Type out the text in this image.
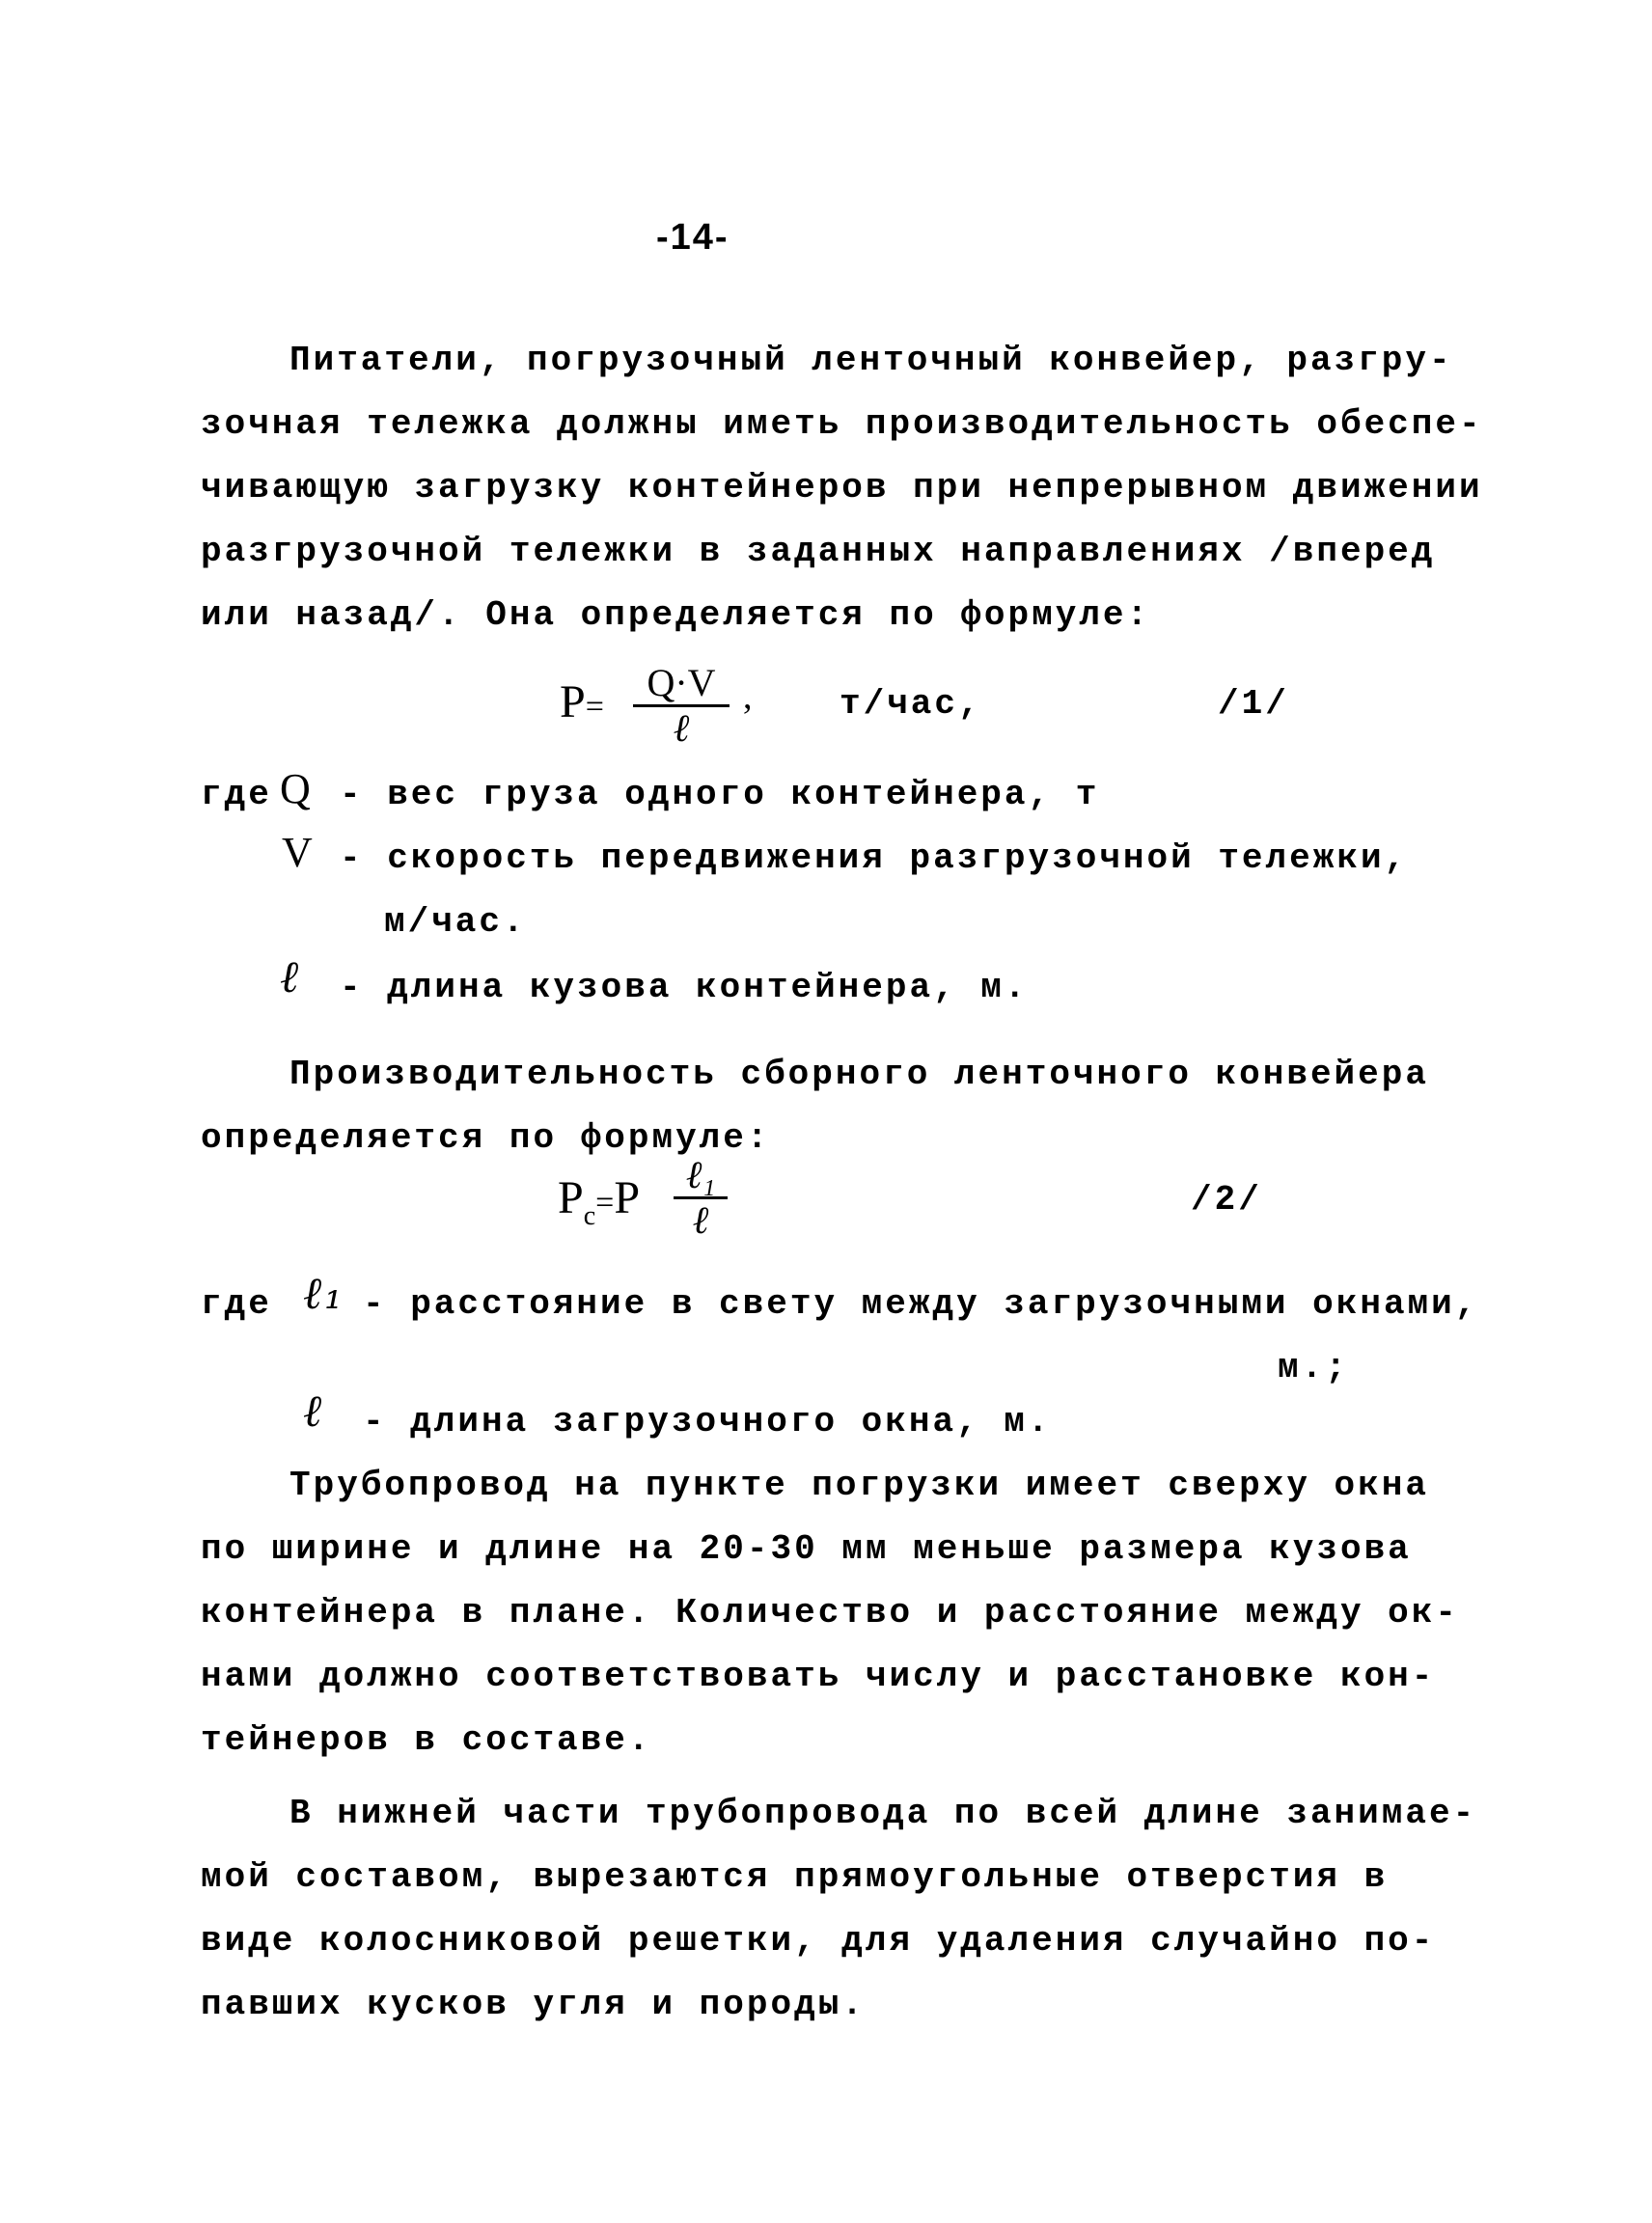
-14-
Питатели, погрузочный ленточный конвейер, разгру-
зочная тележка должны иметь производительность обеспе-
чивающую загрузку контейнеров при непрерывном движении
разгрузочной тележки в заданных направлениях /вперед
или назад/. Она определяется по формуле:
P=
Q·V
ℓ
,	т/час,	/1/
где Q - вес груза одного контейнера, т
V - скорость передвижения разгрузочной тележки,
м/час.
ℓ - длина кузова контейнера, м.
Производительность сборного ленточного конвейера
определяется по формуле:
$P_c=P$	ℓ₁
ℓ	/2/
где ℓ₁ - расстояние в свету между загрузочными окнами,
м.;
ℓ - длина загрузочного окна, м.
Трубопровод на пункте погрузки имеет сверху окна
по ширине и длине на 20-30 мм меньше размера кузова
контейнера в плане. Количество и расстояние между ок-
нами должно соответствовать числу и расстановке кон-
тейнеров в составе.
В нижней части трубопровода по всей длине занимае-
мой составом, вырезаются прямоугольные отверстия в
виде колосниковой решетки, для удаления случайно по-
павших кусков угля и породы.
